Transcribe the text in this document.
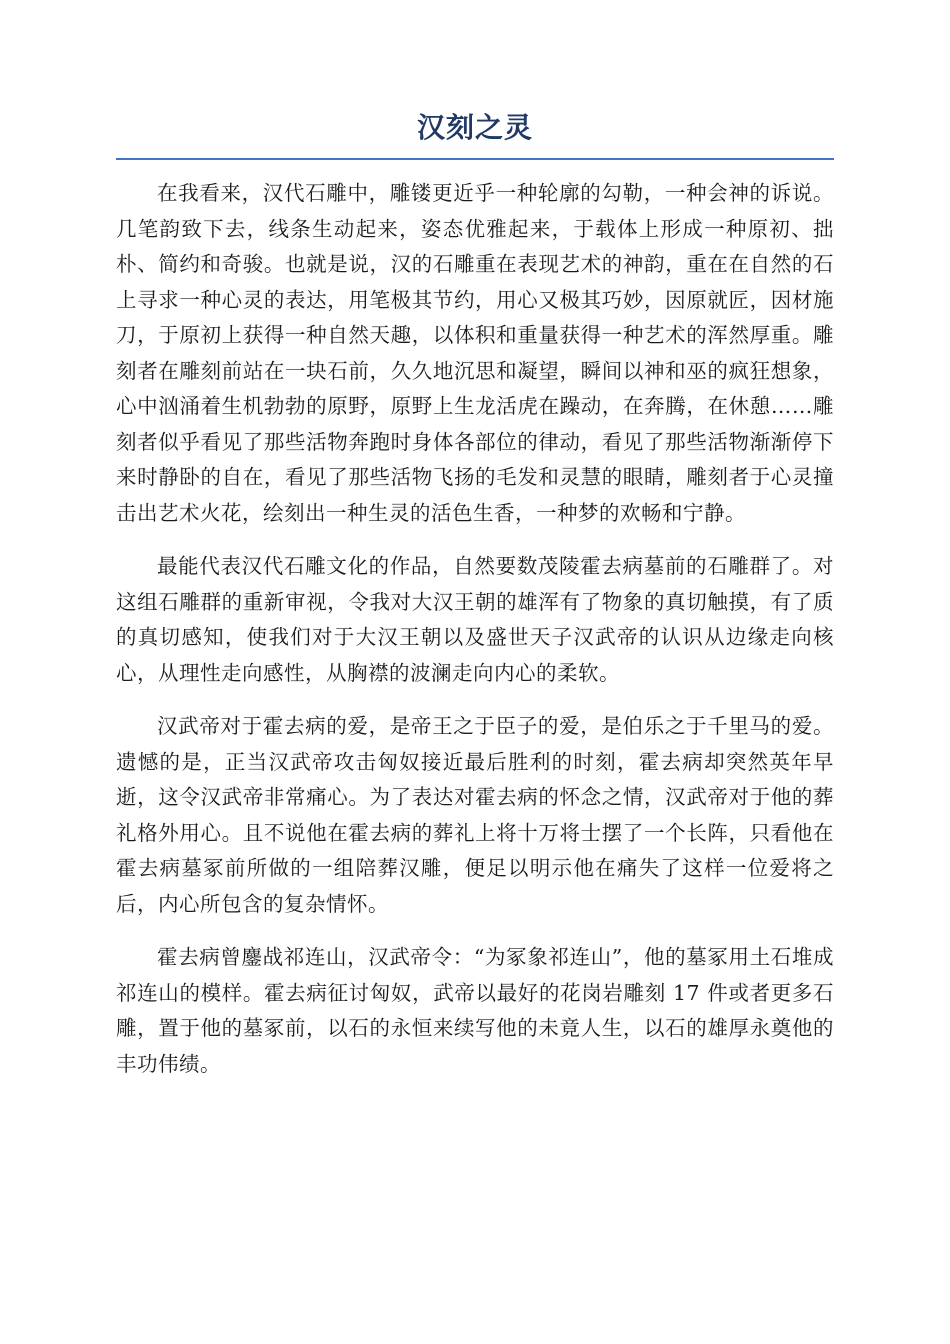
汉刻之灵

在我看来，汉代石雕中，雕镂更近乎一种轮廓的勾勒，一种会神的诉说。几笔韵致下去，线条生动起来，姿态优雅起来，于载体上形成一种原初、拙朴、简约和奇骏。也就是说，汉的石雕重在表现艺术的神韵，重在在自然的石上寻求一种心灵的表达，用笔极其节约，用心又极其巧妙，因原就匠，因材施刀，于原初上获得一种自然天趣，以体积和重量获得一种艺术的浑然厚重。雕刻者在雕刻前站在一块石前，久久地沉思和凝望，瞬间以神和巫的疯狂想象，心中汹涌着生机勃勃的原野，原野上生龙活虎在躁动，在奔腾，在休憩……雕刻者似乎看见了那些活物奔跑时身体各部位的律动，看见了那些活物渐渐停下来时静卧的自在，看见了那些活物飞扬的毛发和灵慧的眼睛，雕刻者于心灵撞击出艺术火花，绘刻出一种生灵的活色生香，一种梦的欢畅和宁静。

最能代表汉代石雕文化的作品，自然要数茂陵霍去病墓前的石雕群了。对这组石雕群的重新审视，令我对大汉王朝的雄浑有了物象的真切触摸，有了质的真切感知，使我们对于大汉王朝以及盛世天子汉武帝的认识从边缘走向核心，从理性走向感性，从胸襟的波澜走向内心的柔软。

汉武帝对于霍去病的爱，是帝王之于臣子的爱，是伯乐之于千里马的爱。遗憾的是，正当汉武帝攻击匈奴接近最后胜利的时刻，霍去病却突然英年早逝，这令汉武帝非常痛心。为了表达对霍去病的怀念之情，汉武帝对于他的葬礼格外用心。且不说他在霍去病的葬礼上将十万将士摆了一个长阵，只看他在霍去病墓冢前所做的一组陪葬汉雕，便足以明示他在痛失了这样一位爱将之后，内心所包含的复杂情怀。

霍去病曾鏖战祁连山，汉武帝令：“为冢象祁连山”，他的墓冢用土石堆成祁连山的模样。霍去病征讨匈奴，武帝以最好的花岗岩雕刻 17 件或者更多石雕，置于他的墓冢前，以石的永恒来续写他的未竟人生，以石的雄厚永奠他的丰功伟绩。
